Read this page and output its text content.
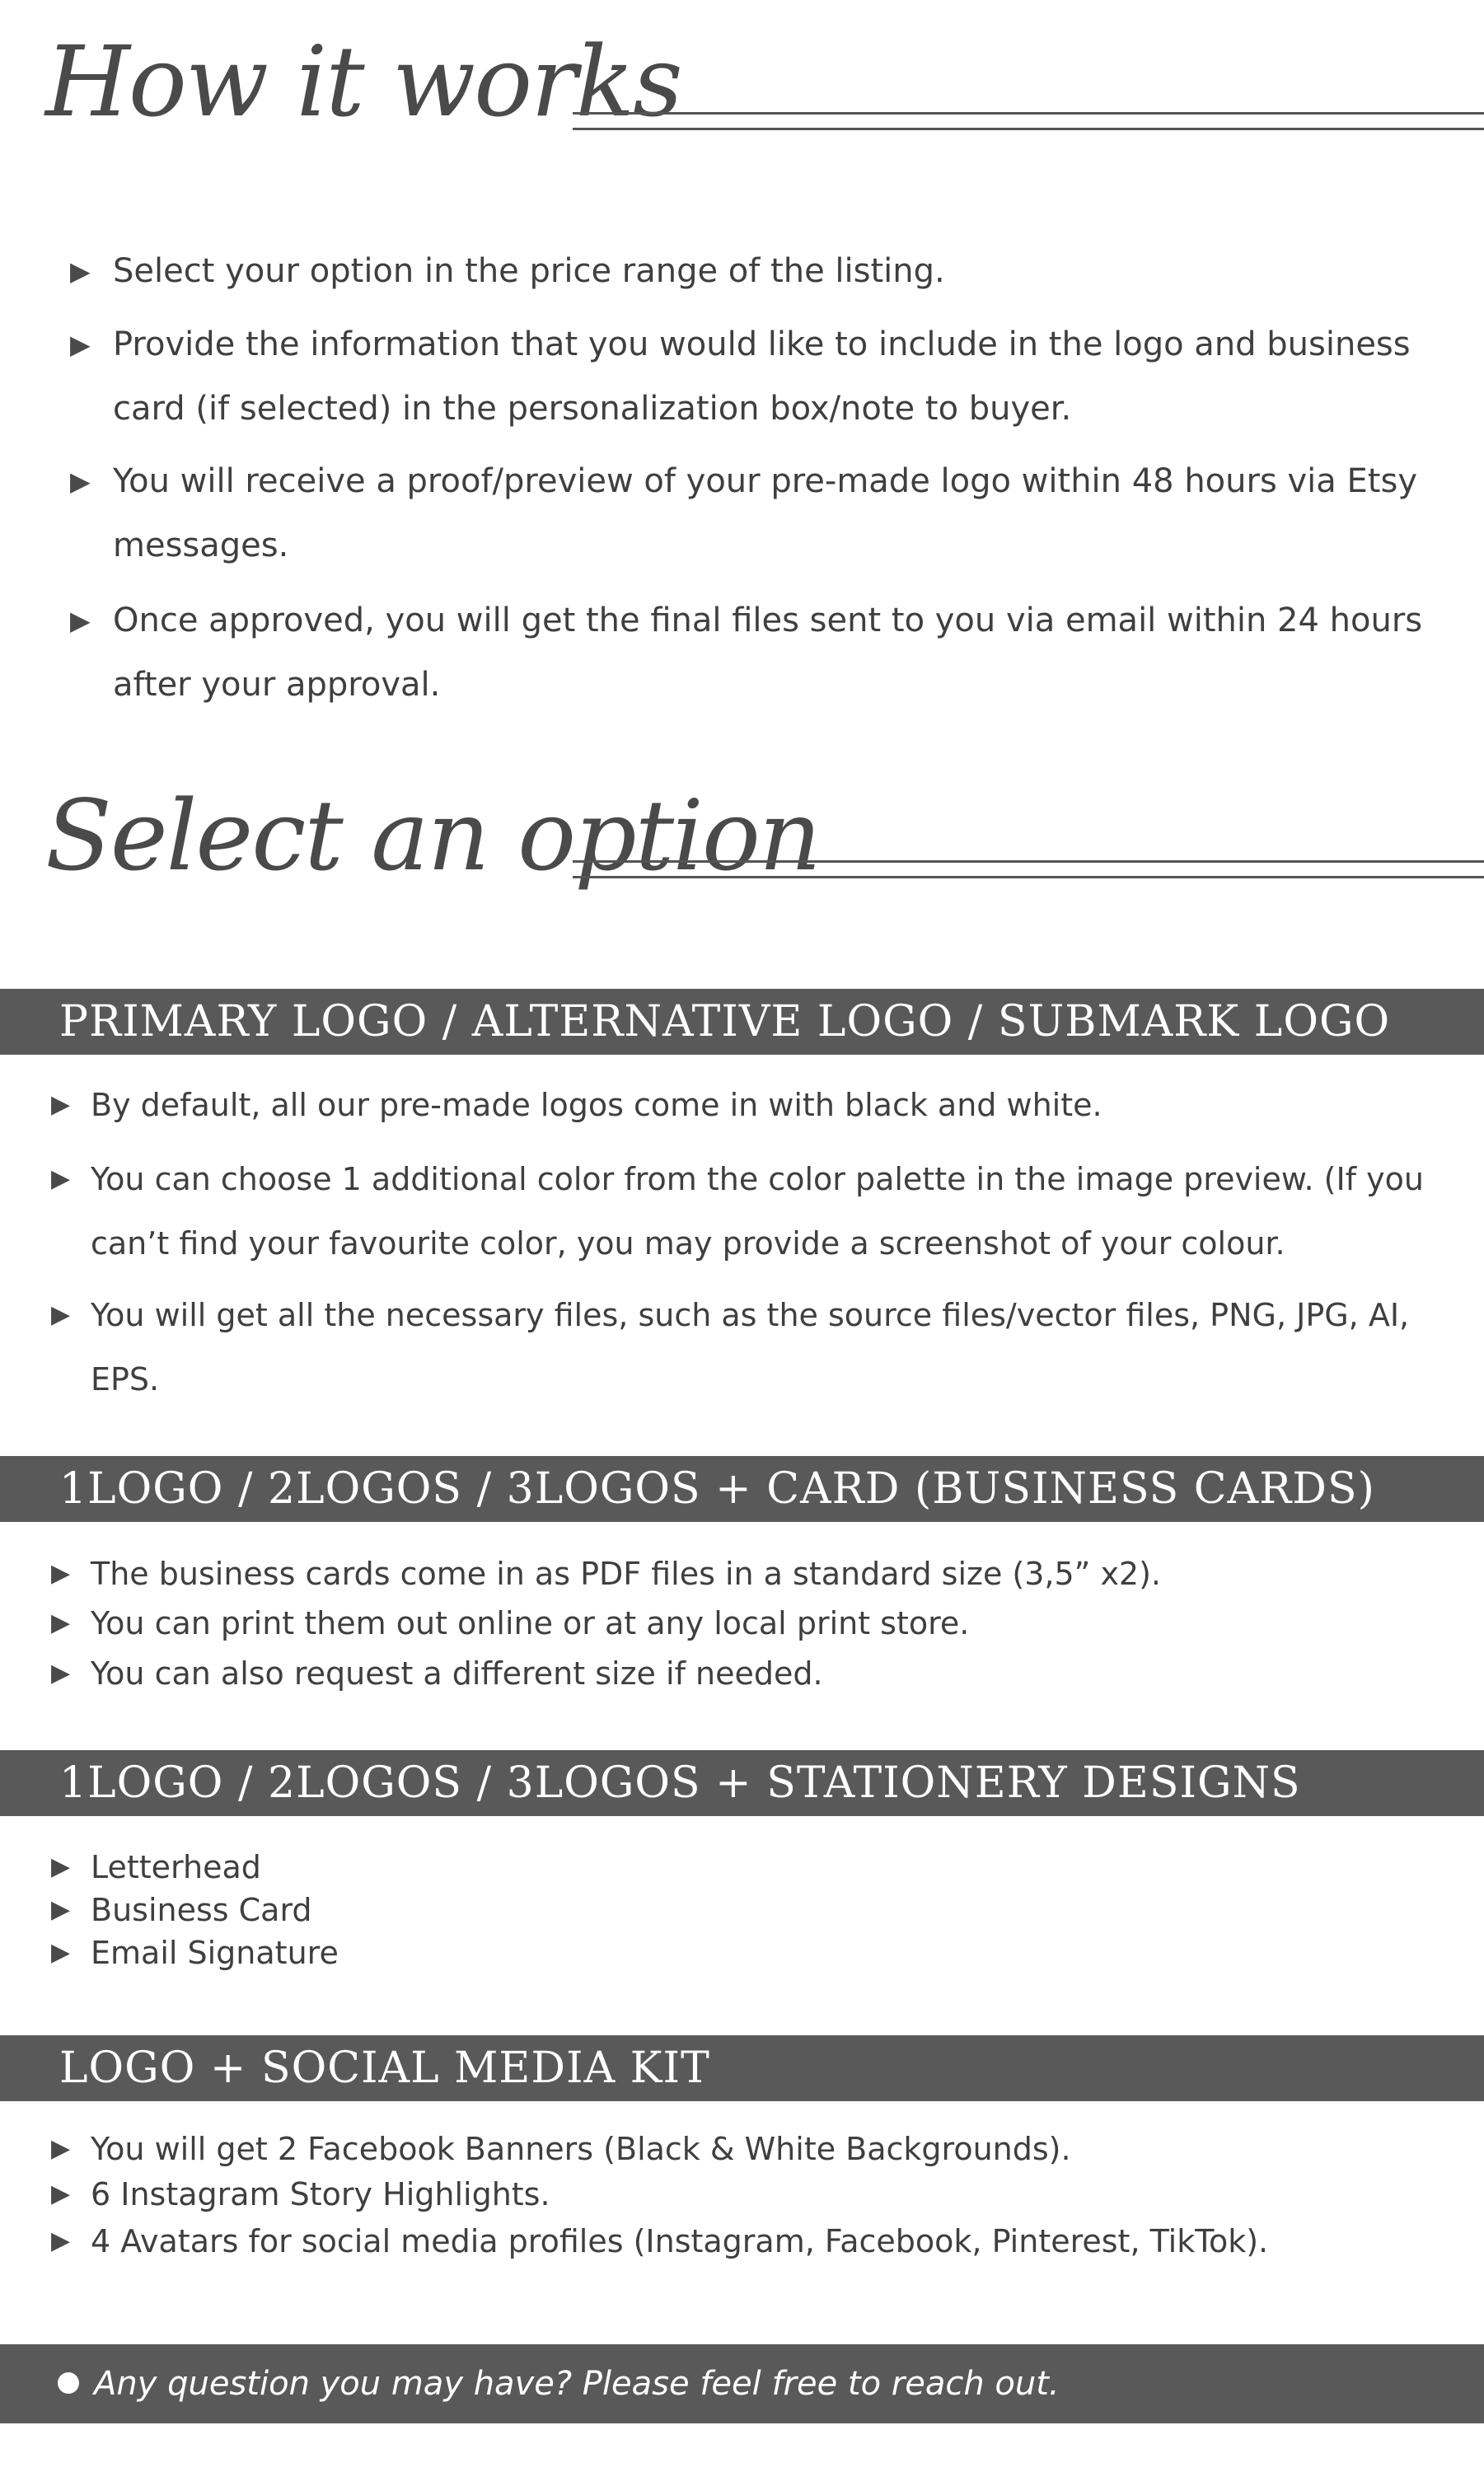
How it works
▶ Select your option in the price range of the listing.
▶ Provide the information that you would like to include in the logo and business card (if selected) in the personalization box/note to buyer.
▶ You will receive a proof/preview of your pre-made logo within 48 hours via Etsy messages.
▶ Once approved, you will get the final files sent to you via email within 24 hours after your approval.
Select an option
PRIMARY LOGO / ALTERNATIVE LOGO / SUBMARK LOGO
▶ By default, all our pre-made logos come in with black and white.
▶ You can choose 1 additional color from the color palette in the image preview. (If you can’t find your favourite color, you may provide a screenshot of your colour.
▶ You will get all the necessary files, such as the source files/vector files, PNG, JPG, AI, EPS.
1LOGO / 2LOGOS / 3LOGOS + CARD (BUSINESS CARDS)
▶ The business cards come in as PDF files in a standard size (3,5” x2).
▶ You can print them out online or at any local print store.
▶ You can also request a different size if needed.
1LOGO / 2LOGOS / 3LOGOS + STATIONERY DESIGNS
▶ Letterhead
▶ Business Card
▶ Email Signature
LOGO + SOCIAL MEDIA KIT
▶ You will get 2 Facebook Banners (Black & White Backgrounds).
▶ 6 Instagram Story Highlights.
▶ 4 Avatars for social media profiles (Instagram, Facebook, Pinterest, TikTok).
Any question you may have? Please feel free to reach out.
